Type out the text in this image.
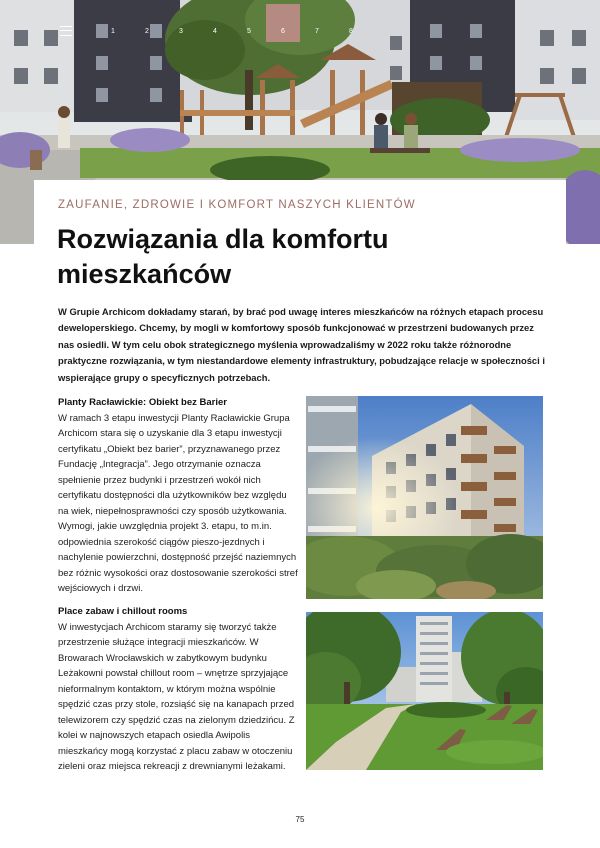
1	2	3	4	5	6	7	8
ZAUFANIE, ZDROWIE I KOMFORT NASZYCH KLIENTÓW
Rozwiązania dla komfortu mieszkańców

W Grupie Archicom dokładamy starań, by brać pod uwagę interes mieszkańców na różnych etapach procesu deweloperskiego. Chcemy, by mogli w komfortowy sposób funkcjonować w przestrzeni budowanych przez nas osiedli. W tym celu obok strategicznego myślenia wprowadzaliśmy w 2022 roku także różnorodne praktyczne rozwiązania, w tym niestandardowe elementy infrastruktury, pobudzające relacje w społeczności i wspierające grupy o specyficznych potrzebach.

Planty Racławickie: Obiekt bez Barier

W ramach 3 etapu inwestycji Planty Racławickie Grupa Archicom stara się o uzyskanie dla 3 etapu inwestycji certyfikatu „Obiekt bez barier”, przyznawanego przez Fundację „Integracja”. Jego otrzymanie oznacza spełnienie przez budynki i przestrzeń wokół nich certyfikatu dostępności dla użytkowników bez względu na wiek, niepełnosprawności czy sposób użytkowania. Wymogi, jakie uwzględnia projekt 3. etapu, to m.in. odpowiednia szerokość ciągów pieszo-jezdnych i nachylenie powierzchni, dostępność przejść naziemnych bez różnic wysokości oraz dostosowanie szerokości stref wejściowych i drzwi.

Place zabaw i chillout rooms

W inwestycjach Archicom staramy się tworzyć także przestrzenie służące integracji mieszkańców. W Browarach Wrocławskich w zabytkowym budynku Leżakowni powstał chillout room – wnętrze sprzyjające nieformalnym kontaktom, w którym można wspólnie spędzić czas przy stole, rozsiąść się na kanapach przed telewizorem czy spędzić czas na zielonym dziedzińcu. Z kolei w najnowszych etapach osiedla Awipolis mieszkańcy mogą korzystać z placu zabaw w otoczeniu zieleni oraz miejsca rekreacji z drewnianymi leżakami.

75
